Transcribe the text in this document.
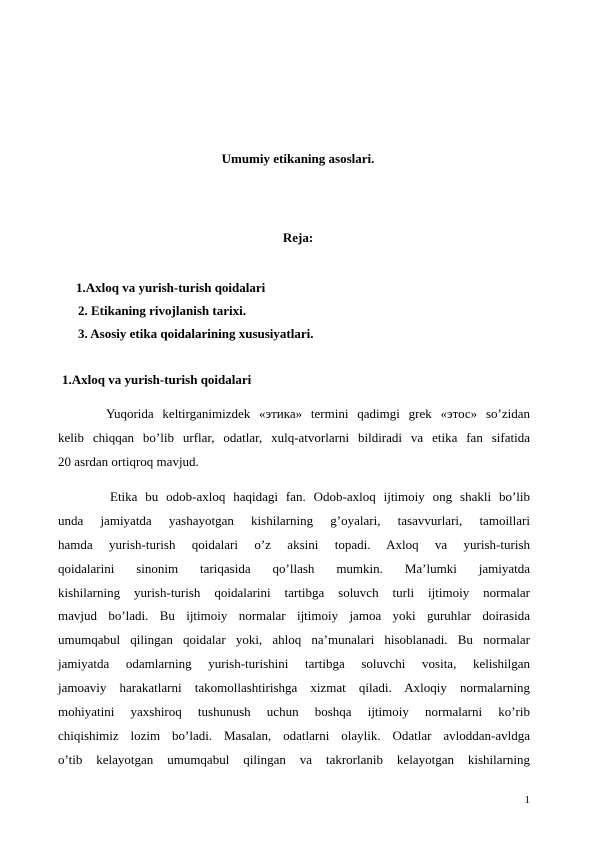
Umumiy etikaning asoslari.
Reja:
1.Axloq va yurish-turish qoidalari
2. Etikaning rivojlanish tarixi.
3. Asosiy etika qoidalarining xususiyatlari.
1.Axloq va yurish-turish qoidalari
Yuqorida keltirganimizdek «этика» termini qadimgi grek «этос» so’zidan
kelib chiqqan bo’lib urflar, odatlar, xulq-atvorlarni bildiradi va etika fan sifatida
20 asrdan ortiqroq mavjud.
Etika bu odob-axloq haqidagi fan. Odob-axloq ijtimoiy ong shakli bo’lib
unda jamiyatda yashayotgan kishilarning g’oyalari, tasavvurlari, tamoillari
hamda yurish-turish qoidalari o’z aksini topadi. Axloq va yurish-turish
qoidalarini sinonim tariqasida qo’llash mumkin. Ma’lumki jamiyatda
kishilarning yurish-turish qoidalarini tartibga soluvch turli ijtimoiy normalar
mavjud bo’ladi. Bu ijtimoiy normalar ijtimoiy jamoa yoki guruhlar doirasida
umumqabul qilingan qoidalar yoki, ahloq na’munalari hisoblanadi. Bu normalar
jamiyatda odamlarning yurish-turishini tartibga soluvchi vosita, kelishilgan
jamoaviy harakatlarni takomollashtirishga xizmat qiladi. Axloqiy normalarning
mohiyatini yaxshiroq tushunush uchun boshqa ijtimoiy normalarni ko’rib
chiqishimiz lozim bo’ladi. Masalan, odatlarni olaylik. Odatlar avloddan-avldga
o’tib kelayotgan umumqabul qilingan va takrorlanib kelayotgan kishilarning
1
